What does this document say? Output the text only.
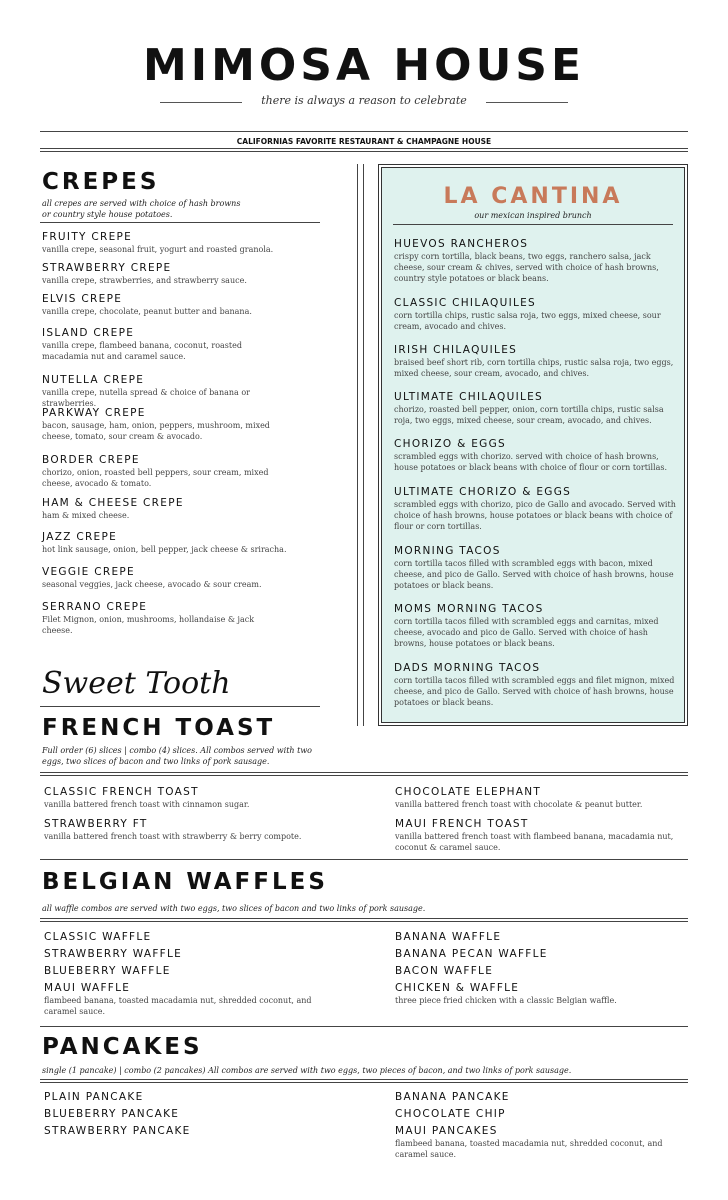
MIMOSA HOUSE
there is always a reason to celebrate
CALIFORNIAS FAVORITE RESTAURANT & CHAMPAGNE HOUSE
CREPES
all crepes are served with choice of hash browns or country style house potatoes.
FRUITY CREPE
vanilla crepe, seasonal fruit, yogurt and roasted granola.
STRAWBERRY CREPE
vanilla crepe, strawberries, and strawberry sauce.
ELVIS CREPE
vanilla crepe, chocolate, peanut butter and banana.
ISLAND CREPE
vanilla crepe, flambeed banana, coconut, roasted macadamia nut and caramel sauce.
NUTELLA CREPE
vanilla crepe, nutella spread & choice of banana or strawberries.
PARKWAY CREPE
bacon, sausage, ham, onion, peppers, mushroom, mixed cheese, tomato, sour cream & avocado.
BORDER CREPE
chorizo, onion, roasted bell peppers, sour cream, mixed cheese, avocado & tomato.
HAM & CHEESE CREPE
ham & mixed cheese.
JAZZ CREPE
hot link sausage, onion, bell pepper, jack cheese & sriracha.
VEGGIE CREPE
seasonal veggies, jack cheese, avocado & sour cream.
SERRANO CREPE
Filet Mignon, onion, mushrooms, hollandaise & jack cheese.
Sweet Tooth
LA CANTINA
our mexican inspired brunch
HUEVOS RANCHEROS
crispy corn tortilla, black beans, two eggs, ranchero salsa, jack cheese, sour cream & chives, served with choice of hash browns, country style potatoes or black beans.
CLASSIC CHILAQUILES
corn tortilla chips, rustic salsa roja, two eggs, mixed cheese, sour cream, avocado and chives.
IRISH CHILAQUILES
braised beef short rib, corn tortilla chips, rustic salsa roja, two eggs, mixed cheese, sour cream, avocado, and chives.
ULTIMATE CHILAQUILES
chorizo, roasted bell pepper, onion, corn tortilla chips, rustic salsa roja, two eggs, mixed cheese, sour cream, avocado, and chives.
CHORIZO & EGGS
scrambled eggs with chorizo. served with choice of hash browns, house potatoes or black beans with choice of flour or corn tortillas.
ULTIMATE CHORIZO & EGGS
scrambled eggs with chorizo, pico de Gallo and avocado. Served with choice of hash browns, house potatoes or black beans with choice of flour or corn tortillas.
MORNING TACOS
corn tortilla tacos filled with scrambled eggs with bacon, mixed cheese, and pico de Gallo. Served with choice of hash browns, house potatoes or black beans.
MOMS MORNING TACOS
corn tortilla tacos filled with scrambled eggs and carnitas, mixed cheese, avocado and pico de Gallo. Served with choice of hash browns, house potatoes or black beans.
DADS MORNING TACOS
corn tortilla tacos filled with scrambled eggs and filet mignon, mixed cheese, and pico de Gallo. Served with choice of hash browns, house potatoes or black beans.
FRENCH TOAST
Full order (6) slices | combo (4) slices. All combos served with two eggs, two slices of bacon and two links of pork sausage.
CLASSIC FRENCH TOAST
vanilla battered french toast with cinnamon sugar.
STRAWBERRY FT
vanilla battered french toast with strawberry & berry compote.
CHOCOLATE ELEPHANT
vanilla battered french toast with chocolate & peanut butter.
MAUI FRENCH TOAST
vanilla battered french toast with flambeed banana, macadamia nut, coconut & caramel sauce.
BELGIAN WAFFLES
all waffle combos are served with two eggs, two slices of bacon and two links of pork sausage.
CLASSIC WAFFLE
STRAWBERRY WAFFLE
BLUEBERRY WAFFLE
MAUI WAFFLE
flambeed banana, toasted macadamia nut, shredded coconut, and caramel sauce.
BANANA WAFFLE
BANANA PECAN WAFFLE
BACON WAFFLE
CHICKEN & WAFFLE
three piece fried chicken with a classic Belgian waffle.
PANCAKES
single (1 pancake) | combo (2 pancakes) All combos are served with two eggs, two pieces of bacon, and two links of pork sausage.
PLAIN PANCAKE
BLUEBERRY PANCAKE
STRAWBERRY PANCAKE
BANANA PANCAKE
CHOCOLATE CHIP
MAUI PANCAKES
flambeed banana, toasted macadamia nut, shredded coconut, and caramel sauce.
